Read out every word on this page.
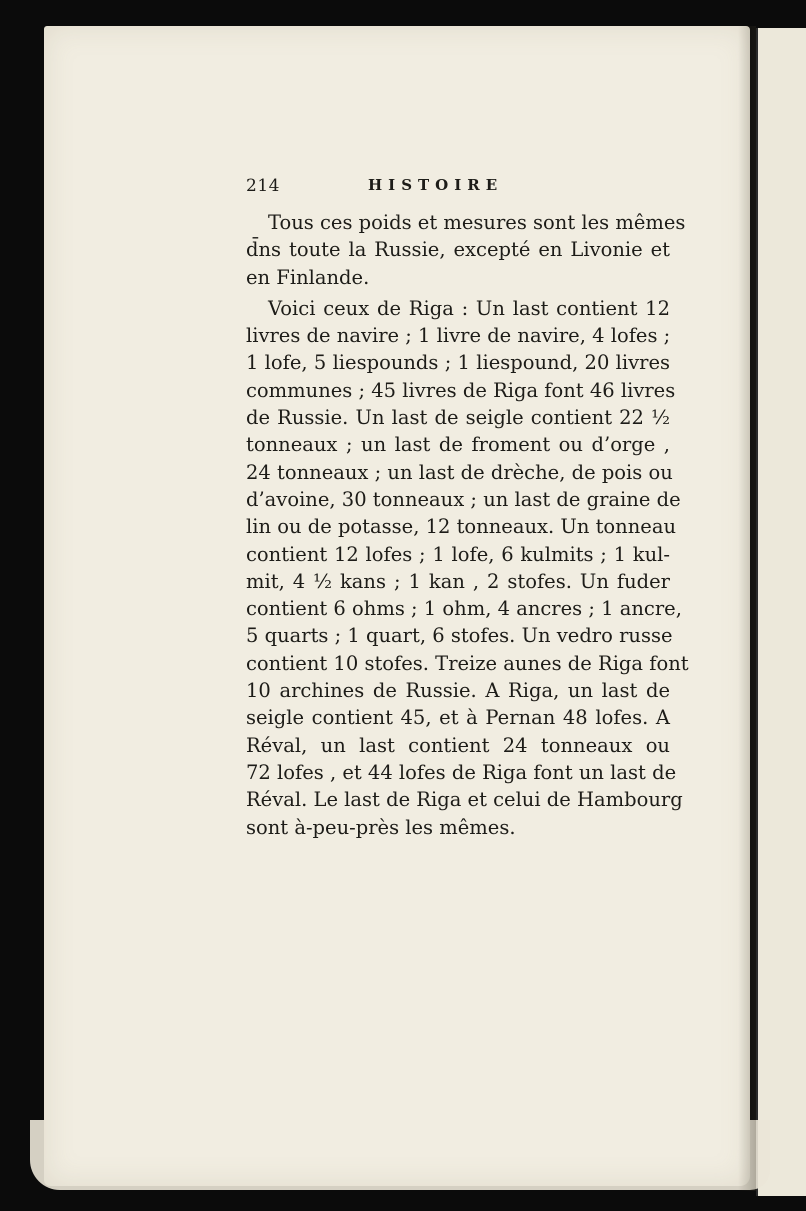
214	HISTOIRE
Tous ces poids et mesures sont les mêmes
d̄ns toute la Russie, excepté en Livonie et
en Finlande.
Voici ceux de Riga : Un last contient 12
livres de navire ; 1 livre de navire, 4 lofes ;
1 lofe, 5 liespounds ; 1 liespound, 20 livres
communes ; 45 livres de Riga font 46 livres
de Russie. Un last de seigle contient 22 ½
tonneaux ; un last de froment ou d’orge ,
24 tonneaux ; un last de drèche, de pois ou
d’avoine, 30 tonneaux ; un last de graine de
lin ou de potasse, 12 tonneaux. Un tonneau
contient 12 lofes ; 1 lofe, 6 kulmits ; 1 kul-
mit, 4 ½ kans ; 1 kan , 2 stofes. Un fuder
contient 6 ohms ; 1 ohm, 4 ancres ; 1 ancre,
5 quarts ; 1 quart, 6 stofes. Un vedro russe
contient 10 stofes. Treize aunes de Riga font
10 archines de Russie. A Riga, un last de
seigle contient 45, et à Pernan 48 lofes. A
Réval, un last contient 24 tonneaux ou
72 lofes , et 44 lofes de Riga font un last de
Réval. Le last de Riga et celui de Hambourg
sont à-peu-près les mêmes.
